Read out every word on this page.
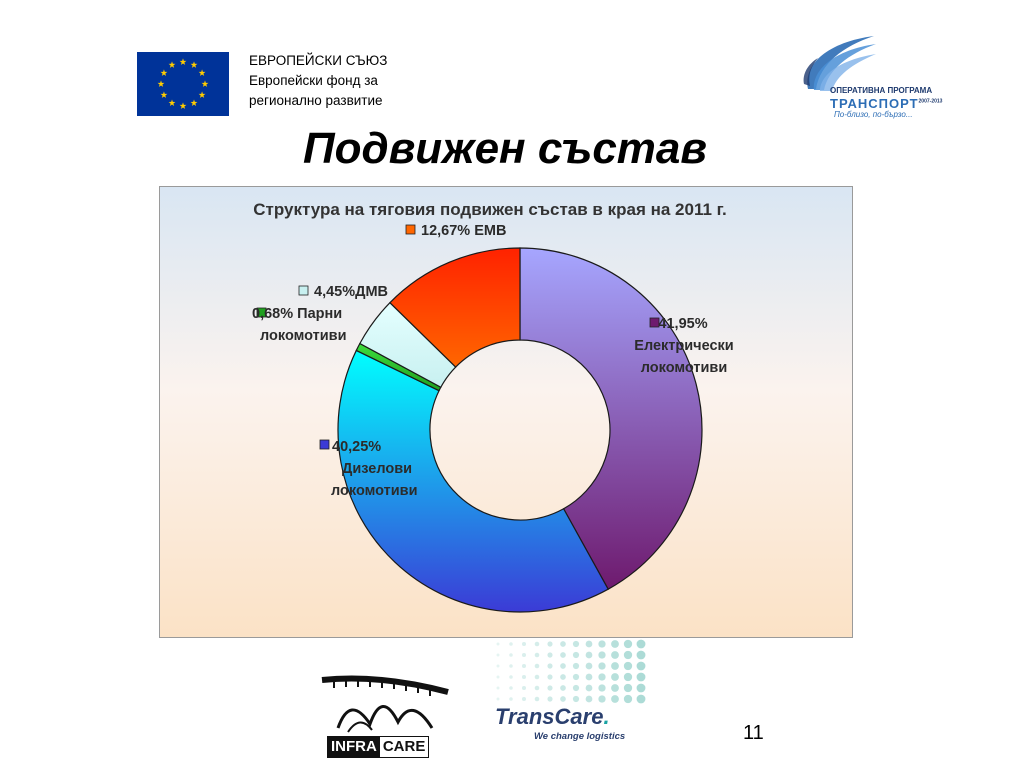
ЕВРОПЕЙСКИ СЪЮЗ
Европейски фонд за
регионално развитие
ОПЕРАТИВНА ПРОГРАМА
$ТРАНСПОРТ^{2007-2013}$
По-близо, по-бързо...
Подвижен състав
Структура на тяговия подвижен състав в края на 2011 г.
41,95%
Електрически
локомотиви
40,25%
Дизелови
локомотиви
0,68% Парни
локомотиви
4,45%ДМВ
12,67% ЕМВ
INFRA CARE
TransCare.
We change logistics	11
